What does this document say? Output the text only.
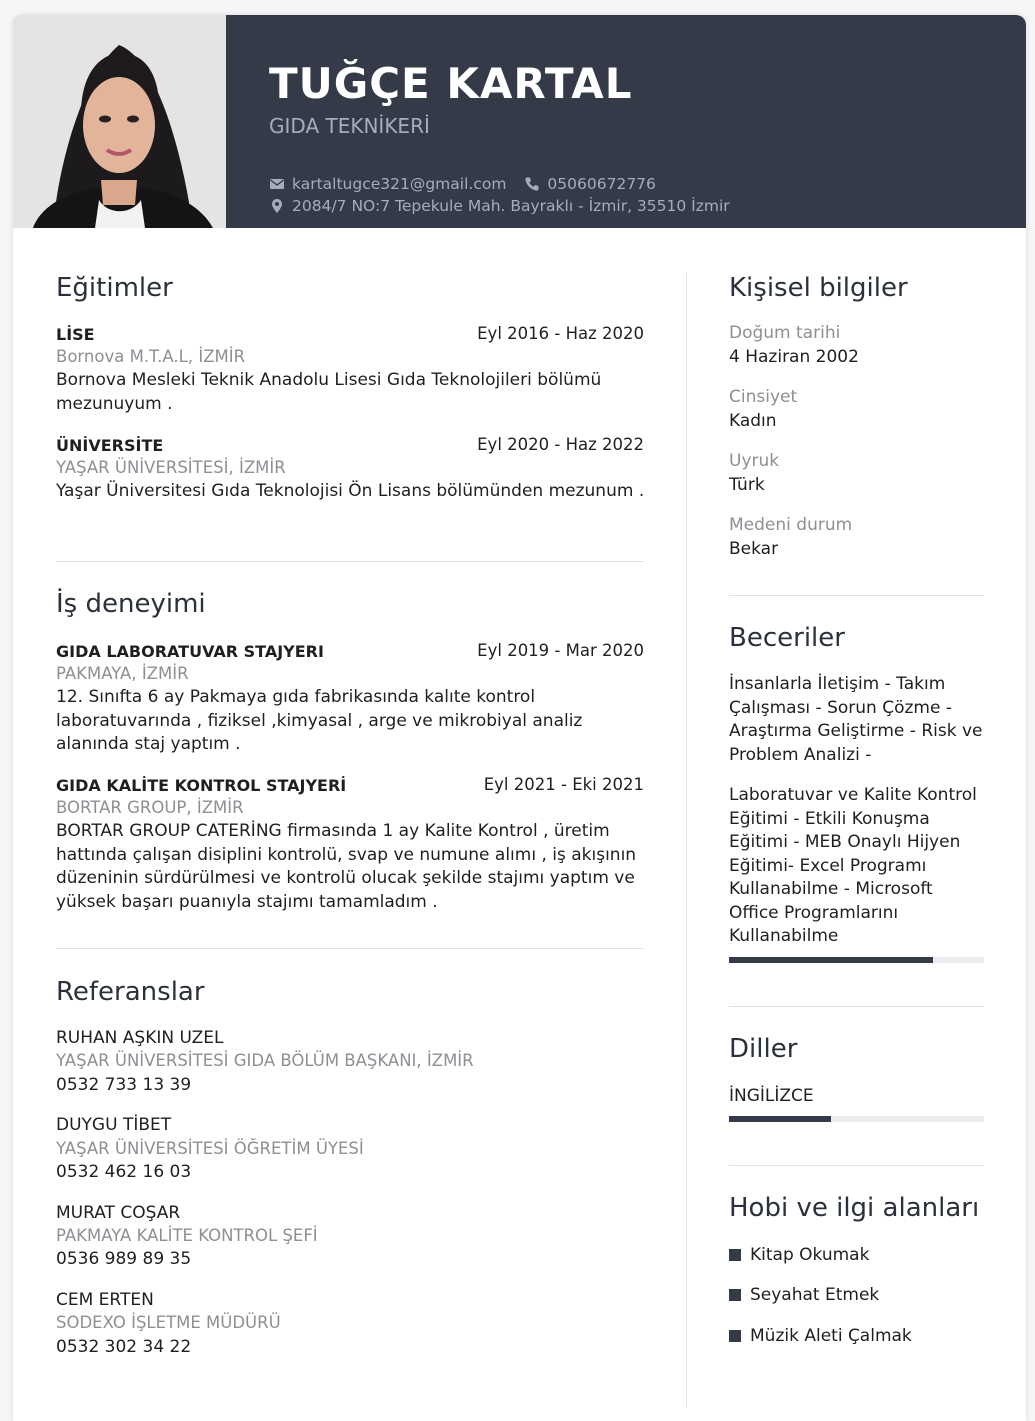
TUĞÇE KARTAL
GIDA TEKNİKERİ
kartaltugce321@gmail.com	05060672776
2084/7 NO:7 Tepekule Mah. Bayraklı - İzmir, 35510 İzmir
Eğitimler
LİSE	Eyl 2016 - Haz 2020
Bornova M.T.A.L, İZMİR
Bornova Mesleki Teknik Anadolu Lisesi Gıda Teknolojileri bölümü mezunuyum .
ÜNİVERSİTE	Eyl 2020 - Haz 2022
YAŞAR ÜNİVERSİTESİ, İZMİR
Yaşar Üniversitesi Gıda Teknolojisi Ön Lisans bölümünden mezunum .
İş deneyimi
GIDA LABORATUVAR STAJYERI	Eyl 2019 - Mar 2020
PAKMAYA, İZMİR
12. Sınıfta 6 ay Pakmaya gıda fabrikasında kalıte kontrol laboratuvarında , fiziksel ,kimyasal , arge ve mikrobiyal analiz alanında staj yaptım .
GIDA KALİTE KONTROL STAJYERİ	Eyl 2021 - Eki 2021
BORTAR GROUP, İZMİR
BORTAR GROUP CATERİNG firmasında 1 ay Kalite Kontrol , üretim hattında çalışan disiplini kontrolü, svap ve numune alımı , iş akışının düzeninin sürdürülmesi ve kontrolü olucak şekilde stajımı yaptım ve yüksek başarı puanıyla stajımı tamamladım .
Referanslar
RUHAN AŞKIN UZEL
YAŞAR ÜNİVERSİTESİ GIDA BÖLÜM BAŞKANI, İZMİR
0532 733 13 39
DUYGU TİBET
YAŞAR ÜNİVERSİTESİ ÖĞRETİM ÜYESİ
0532 462 16 03
MURAT COŞAR
PAKMAYA KALİTE KONTROL ŞEFİ
0536 989 89 35
CEM ERTEN
SODEXO İŞLETME MÜDÜRÜ
0532 302 34 22
Kişisel bilgiler
Doğum tarihi
4 Haziran 2002
Cinsiyet
Kadın
Uyruk
Türk
Medeni durum
Bekar
Beceriler
İnsanlarla İletişim - Takım Çalışması - Sorun Çözme - Araştırma Geliştirme - Risk ve Problem Analizi -
Laboratuvar ve Kalite Kontrol Eğitimi - Etkili Konuşma Eğitimi - MEB Onaylı Hijyen Eğitimi- Excel Programı Kullanabilme - Microsoft Office Programlarını Kullanabilme
Diller
İNGİLİZCE
Hobi ve ilgi alanları
Kitap Okumak
Seyahat Etmek
Müzik Aleti Çalmak
